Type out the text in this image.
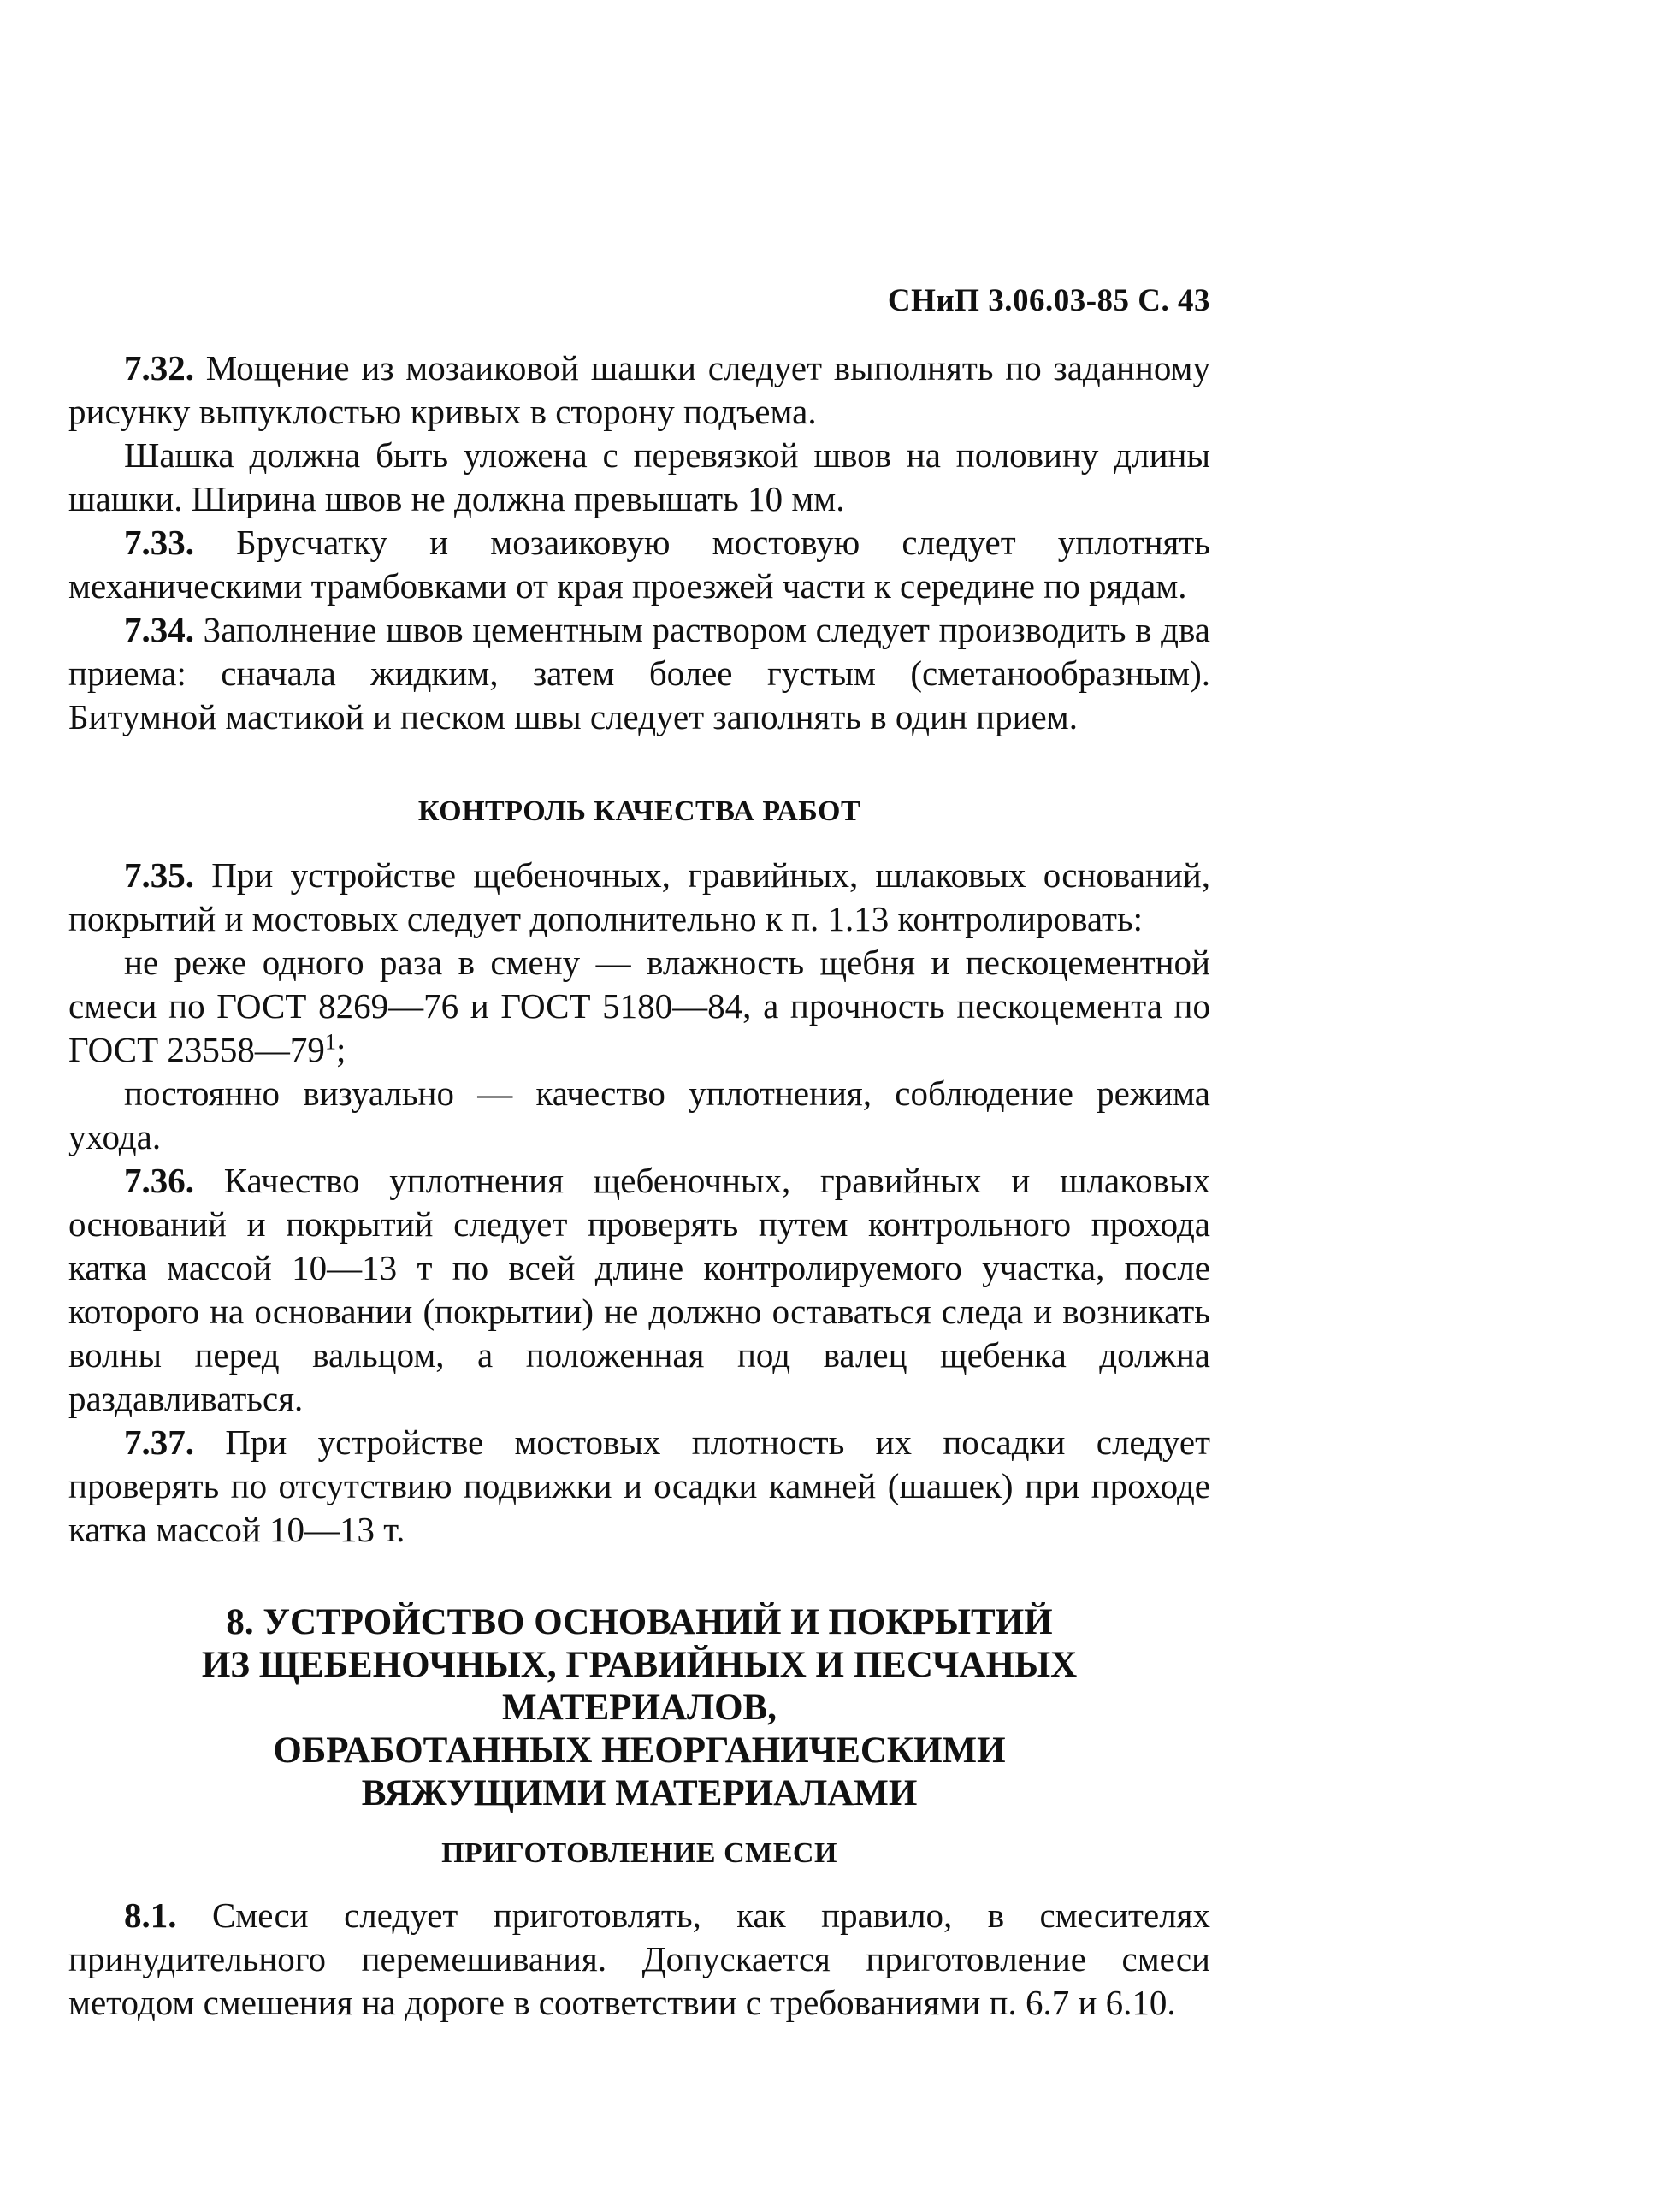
СНиП 3.06.03-85 С. 43

7.32. Мощение из мозаиковой шашки следует выполнять по заданному рисунку выпуклостью кривых в сторону подъема.

Шашка должна быть уложена с перевязкой швов на половину длины шашки. Ширина швов не должна превышать 10 мм.

7.33. Брусчатку и мозаиковую мостовую следует уплотнять механическими трамбовками от края проезжей части к середине по рядам.

7.34. Заполнение швов цементным раствором следует производить в два приема: сначала жидким, затем более густым (сметанообразным). Битумной мастикой и песком швы следует заполнять в один прием.

КОНТРОЛЬ КАЧЕСТВА РАБОТ

7.35. При устройстве щебеночных, гравийных, шлаковых оснований, покрытий и мостовых следует дополнительно к п. 1.13 контролировать:

не реже одного раза в смену — влажность щебня и пескоцементной смеси по ГОСТ 8269—76 и ГОСТ 5180—84, а прочность пескоцемента по ГОСТ $23558—79^1$;

постоянно визуально — качество уплотнения, соблюдение режима ухода.

7.36. Качество уплотнения щебеночных, гравийных и шлаковых оснований и покрытий следует проверять путем контрольного прохода катка массой 10—13 т по всей длине контролируемого участка, после которого на основании (покрытии) не должно оставаться следа и возникать волны перед вальцом, а положенная под валец щебенка должна раздавливаться.

7.37. При устройстве мостовых плотность их посадки следует проверять по отсутствию подвижки и осадки камней (шашек) при проходе катка массой 10—13 т.

8. УСТРОЙСТВО ОСНОВАНИЙ И ПОКРЫТИЙ
ИЗ ЩЕБЕНОЧНЫХ, ГРАВИЙНЫХ И ПЕСЧАНЫХ МАТЕРИАЛОВ,
ОБРАБОТАННЫХ НЕОРГАНИЧЕСКИМИ
ВЯЖУЩИМИ МАТЕРИАЛАМИ
ПРИГОТОВЛЕНИЕ СМЕСИ

8.1. Смеси следует приготовлять, как правило, в смесителях принудительного перемешивания. Допускается приготовление смеси методом смешения на дороге в соответствии с требованиями п. 6.7 и 6.10.
